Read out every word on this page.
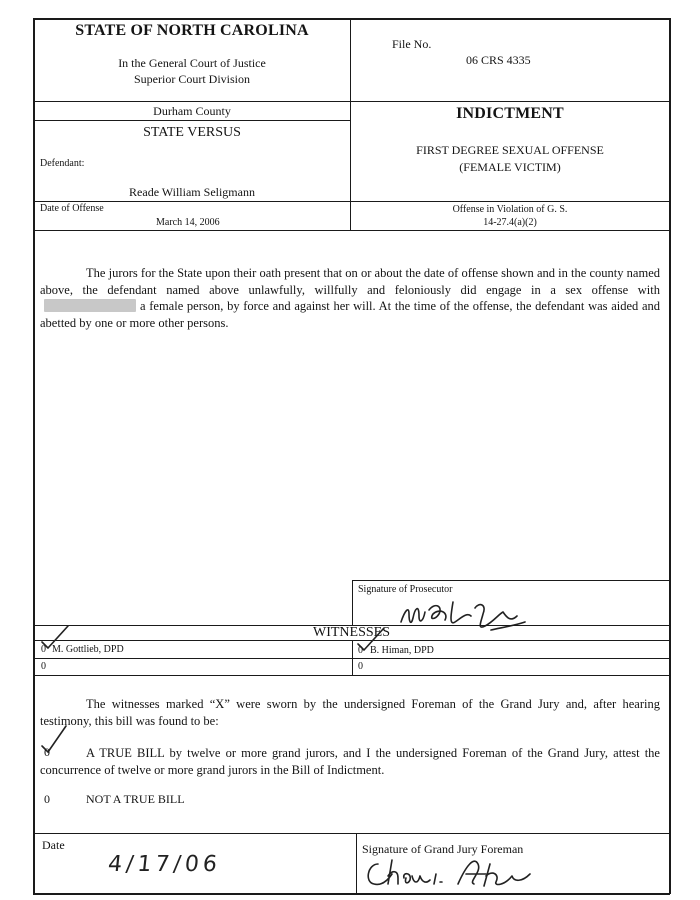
STATE OF NORTH CAROLINA
In the General Court of Justice
Superior Court Division
File No.
06 CRS 4335
Durham County
STATE VERSUS
Defendant:
Reade William Seligmann
INDICTMENT
FIRST DEGREE SEXUAL OFFENSE
(FEMALE VICTIM)
Date of Offense
March 14, 2006
Offense in Violation of G. S.
14-27.4(a)(2)
The jurors for the State upon their oath present that on or about the date of offense shown and in the county named above, the defendant named above unlawfully, willfully and feloniously did engage in a sex offense witha female person, by force and against her will. At the time of the offense, the defendant was aided and abetted by one or more other persons.
Signature of Prosecutor
WITNESSES
0 M. Gottlieb, DPD	0 B. Himan, DPD
0	0
The witnesses marked “X” were sworn by the undersigned Foreman of the Grand Jury and, after hearing testimony, this bill was found to be:
0	A TRUE BILL by twelve or more grand jurors, and I the undersigned Foreman of the Grand Jury, attest the concurrence of twelve or more grand jurors in the Bill of Indictment.
0	NOT A TRUE BILL
Date
4/17/06
Signature of Grand Jury Foreman
